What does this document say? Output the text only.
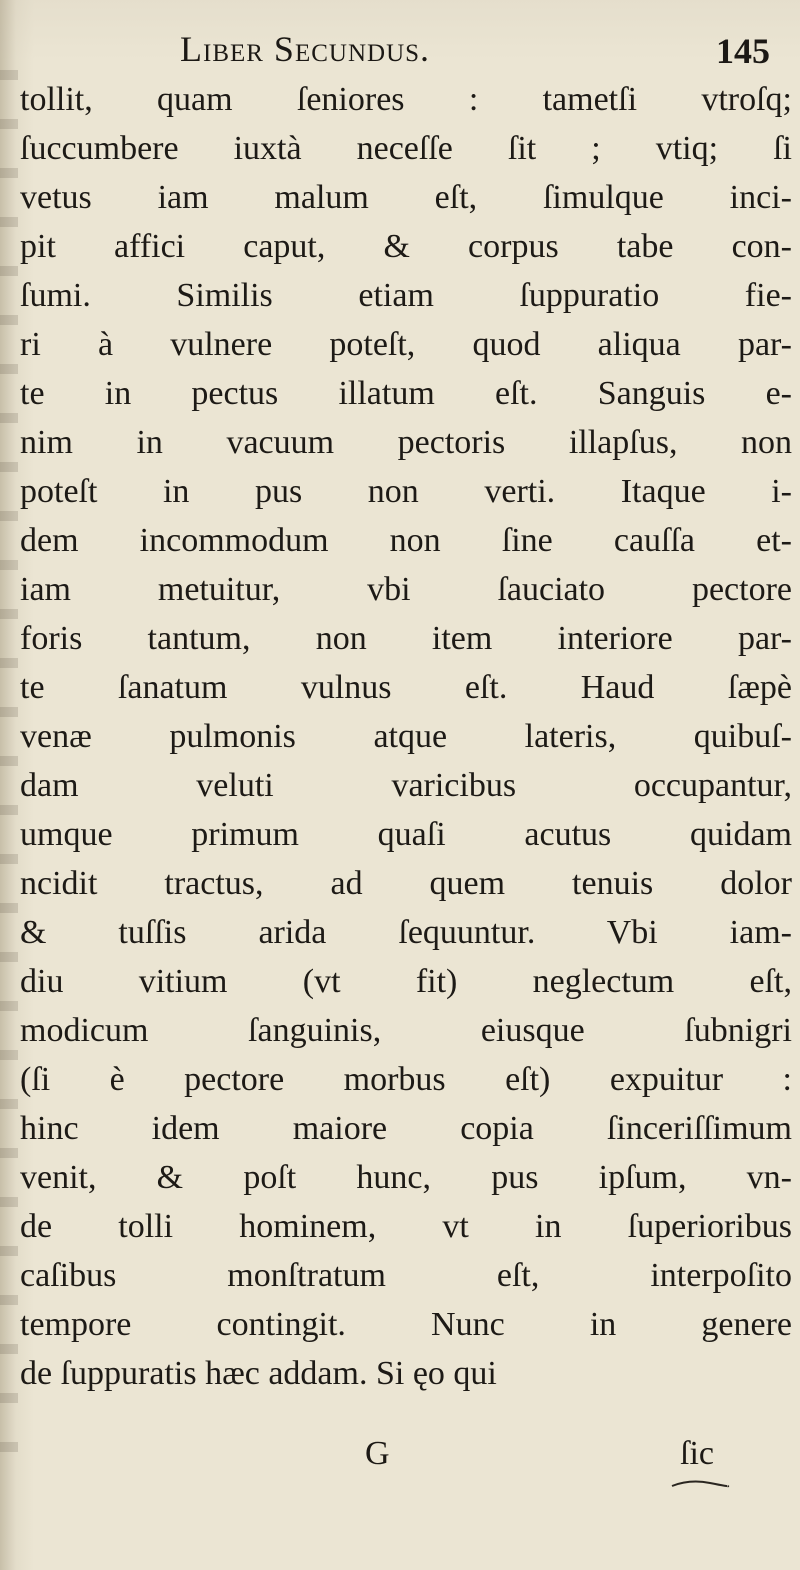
Liber Secundus.	145
tollit, quam ſeniores : tametſi vtroſq;
ſuccumbere iuxtà neceſſe ſit ; vtiq; ſi
vetus iam malum eſt, ſimulque inci-
pit affici caput, & corpus tabe con-
ſumi. Similis etiam ſuppuratio fie-
ri à vulnere poteſt, quod aliqua par-
te in pectus illatum eſt. Sanguis e-
nim in vacuum pectoris illapſus, non
poteſt in pus non verti. Itaque i-
dem incommodum non ſine cauſſa et-
iam metuitur, vbi ſauciato pectore
foris tantum, non item interiore par-
te ſanatum vulnus eſt. Haud ſæpè
venæ pulmonis atque lateris, quibuſ-
dam veluti varicibus occupantur,
umque primum quaſi acutus quidam
ncidit tractus, ad quem tenuis dolor
& tuſſis arida ſequuntur. Vbi iam-
diu vitium (vt fit) neglectum eſt,
modicum ſanguinis, eiusque ſubnigri
(ſi è pectore morbus eſt) expuitur :
hinc idem maiore copia ſinceriſſimum
venit, & poſt hunc, pus ipſum, vn-
de tolli hominem, vt in ſuperioribus
caſibus monſtratum eſt, interpoſito
tempore contingit. Nunc in genere
de ſuppuratis hæc addam. Si ęo qui
G	ſic
